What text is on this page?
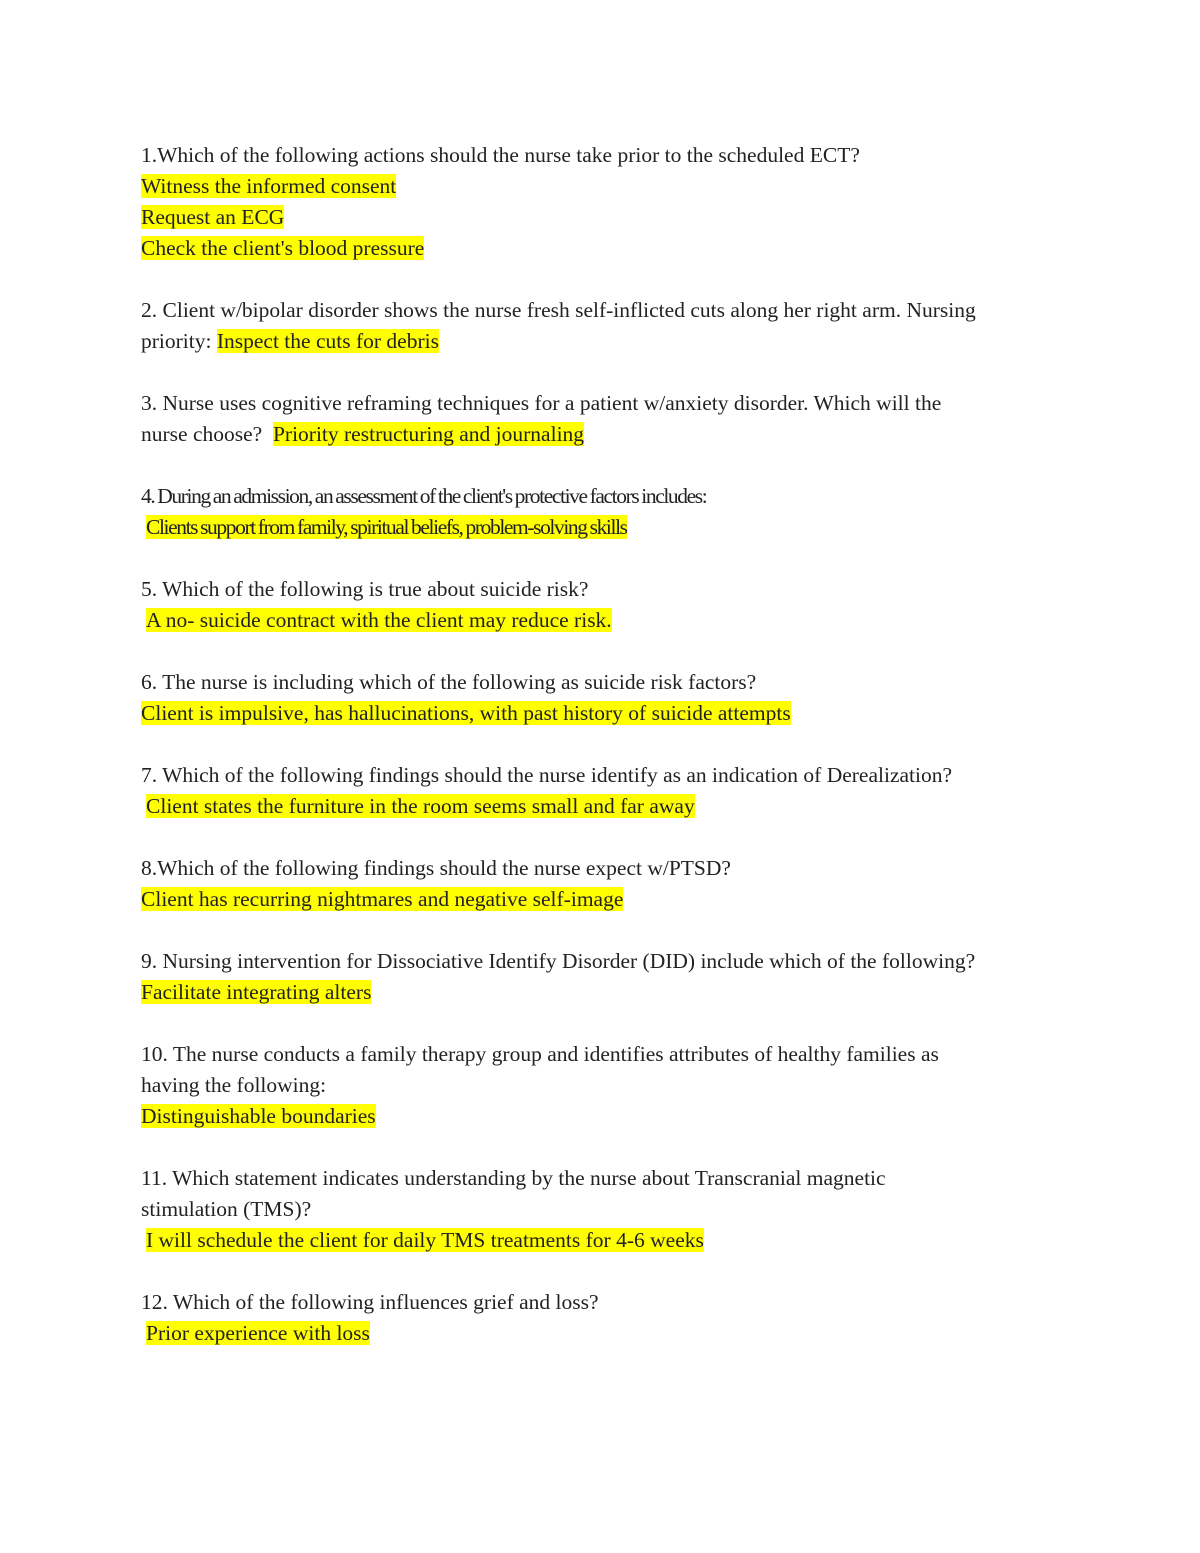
1.Which of the following actions should the nurse take prior to the scheduled ECT?
Witness the informed consent
Request an ECG
Check the client's blood pressure
2. Client w/bipolar disorder shows the nurse fresh self-inflicted cuts along her right arm. Nursing
priority: Inspect the cuts for debris
3. Nurse uses cognitive reframing techniques for a patient w/anxiety disorder. Which will the
nurse choose?  Priority restructuring and journaling
4. During an admission, an assessment of the client's protective factors includes:
Clients support from family, spiritual beliefs, problem-solving skills
5. Which of the following is true about suicide risk?
A no- suicide contract with the client may reduce risk.
6. The nurse is including which of the following as suicide risk factors?
Client is impulsive, has hallucinations, with past history of suicide attempts
7. Which of the following findings should the nurse identify as an indication of Derealization?
Client states the furniture in the room seems small and far away
8.Which of the following findings should the nurse expect w/PTSD?
Client has recurring nightmares and negative self-image
9. Nursing intervention for Dissociative Identify Disorder (DID) include which of the following?
Facilitate integrating alters
10. The nurse conducts a family therapy group and identifies attributes of healthy families as
having the following:
Distinguishable boundaries
11. Which statement indicates understanding by the nurse about Transcranial magnetic
stimulation (TMS)?
I will schedule the client for daily TMS treatments for 4-6 weeks
12. Which of the following influences grief and loss?
Prior experience with loss
